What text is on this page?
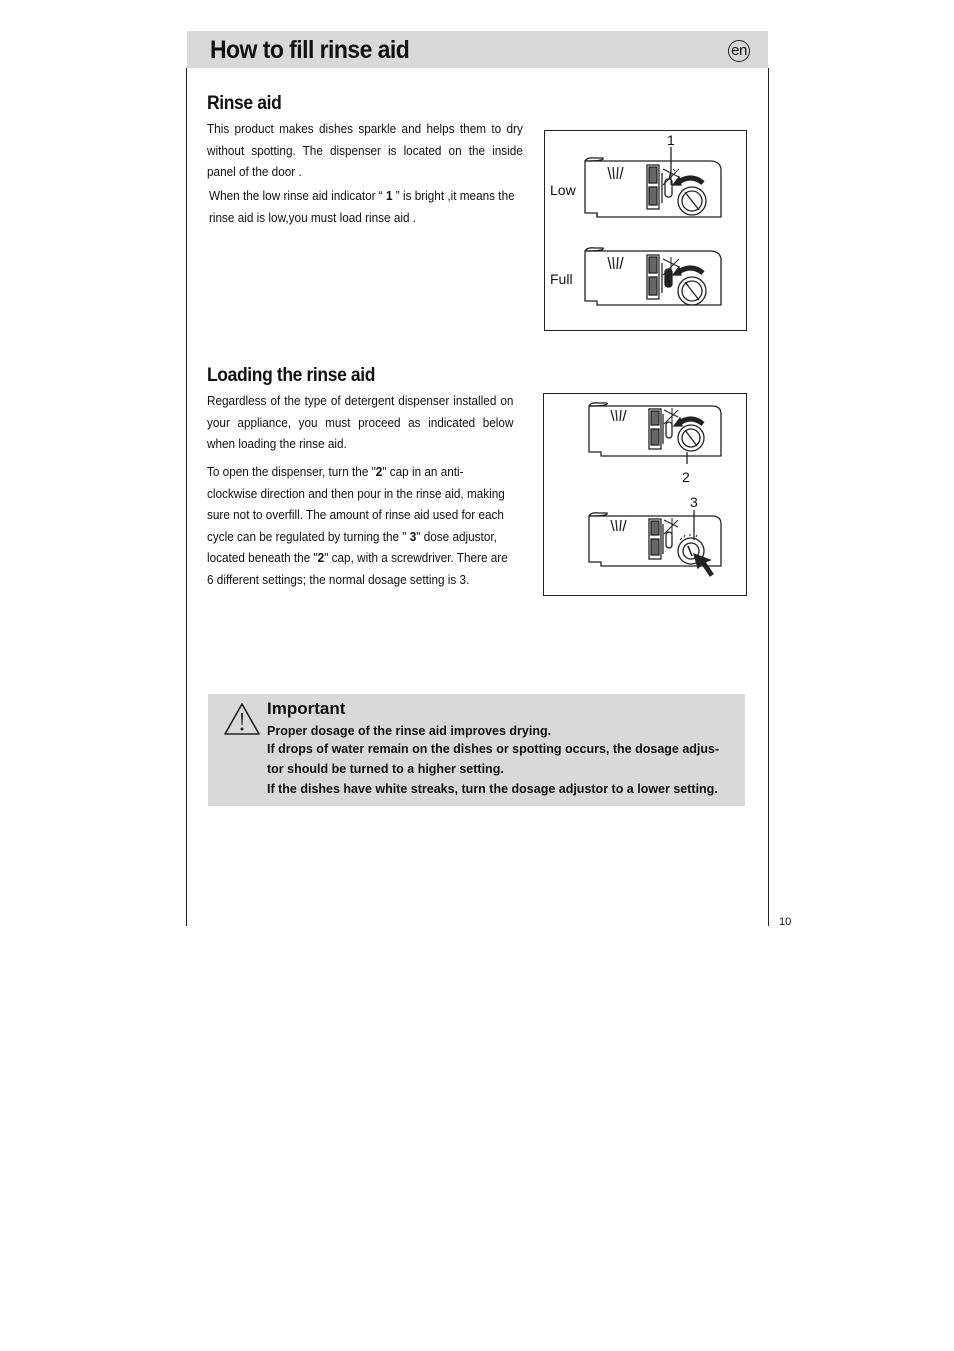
How to fill rinse aid	en
Rinse aid
This product makes dishes sparkle and helps them to dry without spotting. The dispenser is located on the inside panel of the door .
When the low rinse aid indicator “ 1 ” is bright ,it means the rinse aid is low,you must load rinse aid .
1
Low
Full
Loading the rinse aid
Regardless of the type of detergent dispenser installed on your appliance, you must proceed as indicated below when loading the rinse aid.
To open the dispenser, turn the "2" cap in an anti-clockwise direction and then pour in the rinse aid, making sure not to overfill. The amount of rinse aid used for each cycle can be regulated by turning the " 3" dose adjustor, located beneath the "2" cap, with a screwdriver. There are 6 different settings; the normal dosage setting is 3.
2
3
Important
Proper dosage of the rinse aid improves drying.
If drops of water remain on the dishes or spotting occurs, the dosage adjus-
tor should be turned to a higher setting.
If the dishes have white streaks, turn the dosage adjustor to a lower setting.
10
